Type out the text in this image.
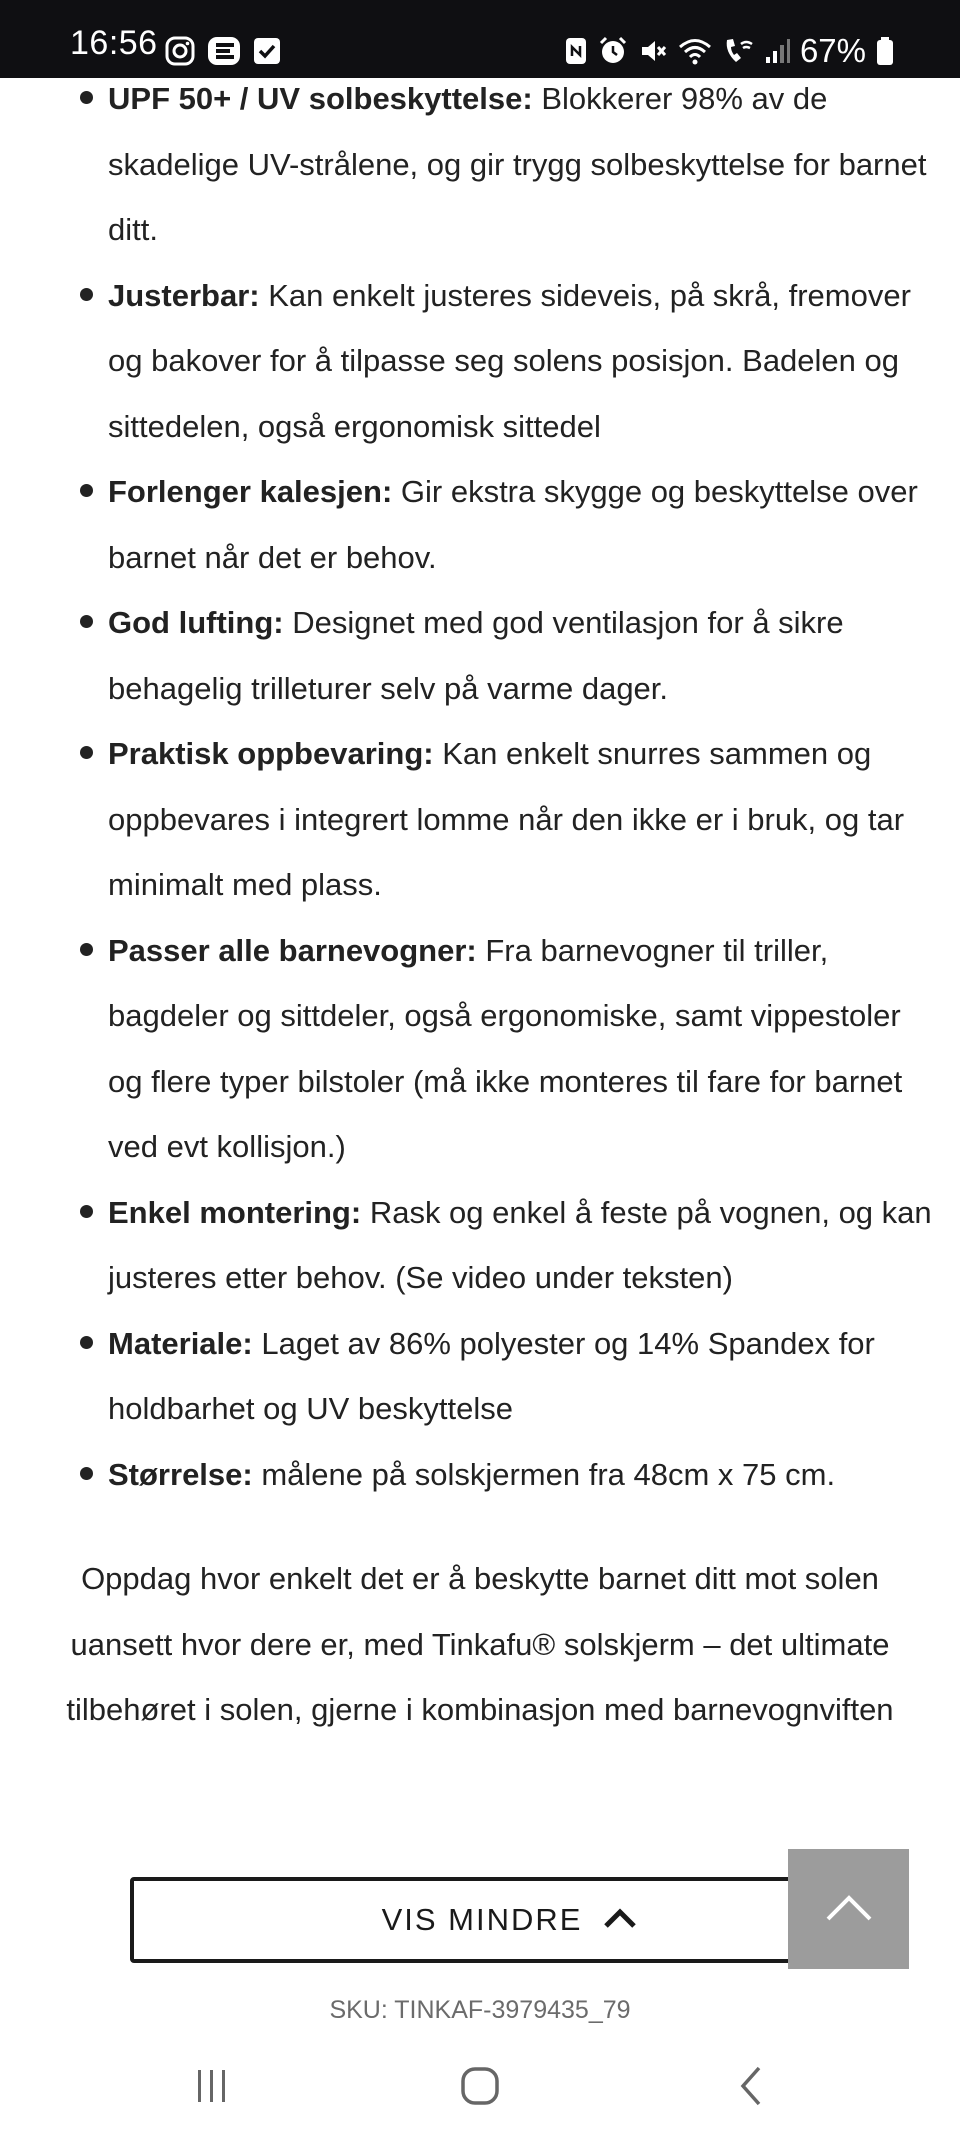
16:56	67%
UPF 50+ / UV solbeskyttelse: Blokkerer 98% av de skadelige UV-strålene, og gir trygg solbeskyttelse for barnet ditt.
Justerbar: Kan enkelt justeres sideveis, på skrå, fremover og bakover for å tilpasse seg solens posisjon. Badelen og sittedelen, også ergonomisk sittedel
Forlenger kalesjen: Gir ekstra skygge og beskyttelse over barnet når det er behov.
God lufting: Designet med god ventilasjon for å sikre behagelig trilleturer selv på varme dager.
Praktisk oppbevaring: Kan enkelt snurres sammen og oppbevares i integrert lomme når den ikke er i bruk, og tar minimalt med plass.
Passer alle barnevogner: Fra barnevogner til triller, bagdeler og sittdeler, også ergonomiske, samt vippestoler og flere typer bilstoler (må ikke monteres til fare for barnet ved evt kollisjon.)
Enkel montering: Rask og enkel å feste på vognen, og kan justeres etter behov. (Se video under teksten)
Materiale: Laget av 86% polyester og 14% Spandex for holdbarhet og UV beskyttelse
Størrelse: målene på solskjermen fra 48cm x 75 cm.

Oppdag hvor enkelt det er å beskytte barnet ditt mot solen uansett hvor dere er, med Tinkafu® solskjerm – det ultimate tilbehøret i solen, gjerne i kombinasjon med barnevognviften

VIS MINDRE
SKU: TINKAF-3979435_79
